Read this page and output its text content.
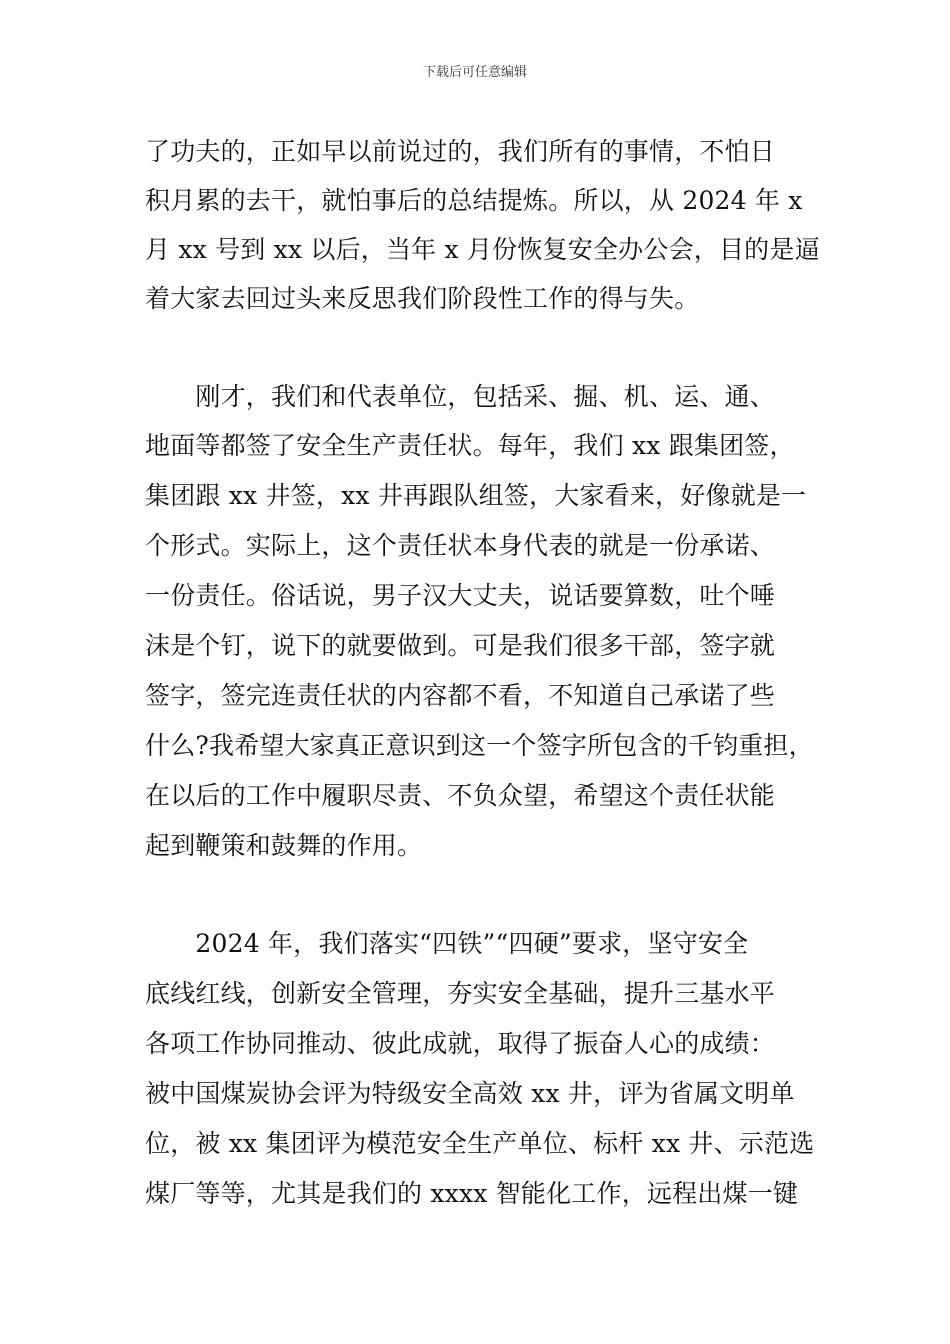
下载后可任意编辑
了功夫的，正如早以前说过的，我们所有的事情，不怕日
积月累的去干，就怕事后的总结提炼。所以，从 2024 年 x
月 xx 号到 xx 以后，当年 x 月份恢复安全办公会，目的是逼
着大家去回过头来反思我们阶段性工作的得与失。
　　刚才，我们和代表单位，包括采、掘、机、运、通、
地面等都签了安全生产责任状。每年，我们 xx 跟集团签，
集团跟 xx 井签，xx 井再跟队组签，大家看来，好像就是一
个形式。实际上，这个责任状本身代表的就是一份承诺、
一份责任。俗话说，男子汉大丈夫，说话要算数，吐个唾
沫是个钉，说下的就要做到。可是我们很多干部，签字就
签字，签完连责任状的内容都不看，不知道自己承诺了些
什么?我希望大家真正意识到这一个签字所包含的千钧重担，
在以后的工作中履职尽责、不负众望，希望这个责任状能
起到鞭策和鼓舞的作用。
　　2024 年，我们落实“四铁”“四硬”要求，坚守安全
底线红线，创新安全管理，夯实安全基础，提升三基水平
各项工作协同推动、彼此成就，取得了振奋人心的成绩：
被中国煤炭协会评为特级安全高效 xx 井，评为省属文明单
位，被 xx 集团评为模范安全生产单位、标杆 xx 井、示范选
煤厂等等，尤其是我们的 xxxx 智能化工作，远程出煤一键
